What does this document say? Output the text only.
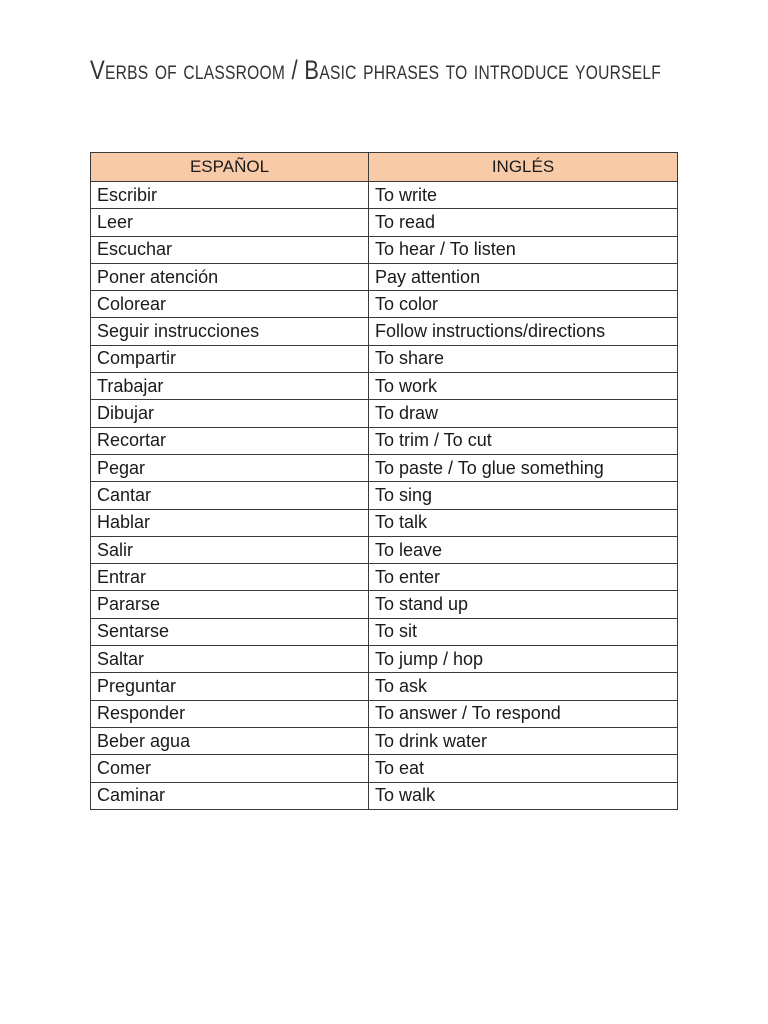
Verbs of classroom / Basic phrases to introduce yourself
ESPAÑOL	INGLÉS
Escribir	To write
Leer	To read
Escuchar	To hear / To listen
Poner atención	Pay attention
Colorear	To color
Seguir instrucciones	Follow instructions/directions
Compartir	To share
Trabajar	To work
Dibujar	To draw
Recortar	To trim / To cut
Pegar	To paste / To glue something
Cantar	To sing
Hablar	To talk
Salir	To leave
Entrar	To enter
Pararse	To stand up
Sentarse	To sit
Saltar	To jump / hop
Preguntar	To ask
Responder	To answer / To respond
Beber agua	To drink water
Comer	To eat
Caminar	To walk
